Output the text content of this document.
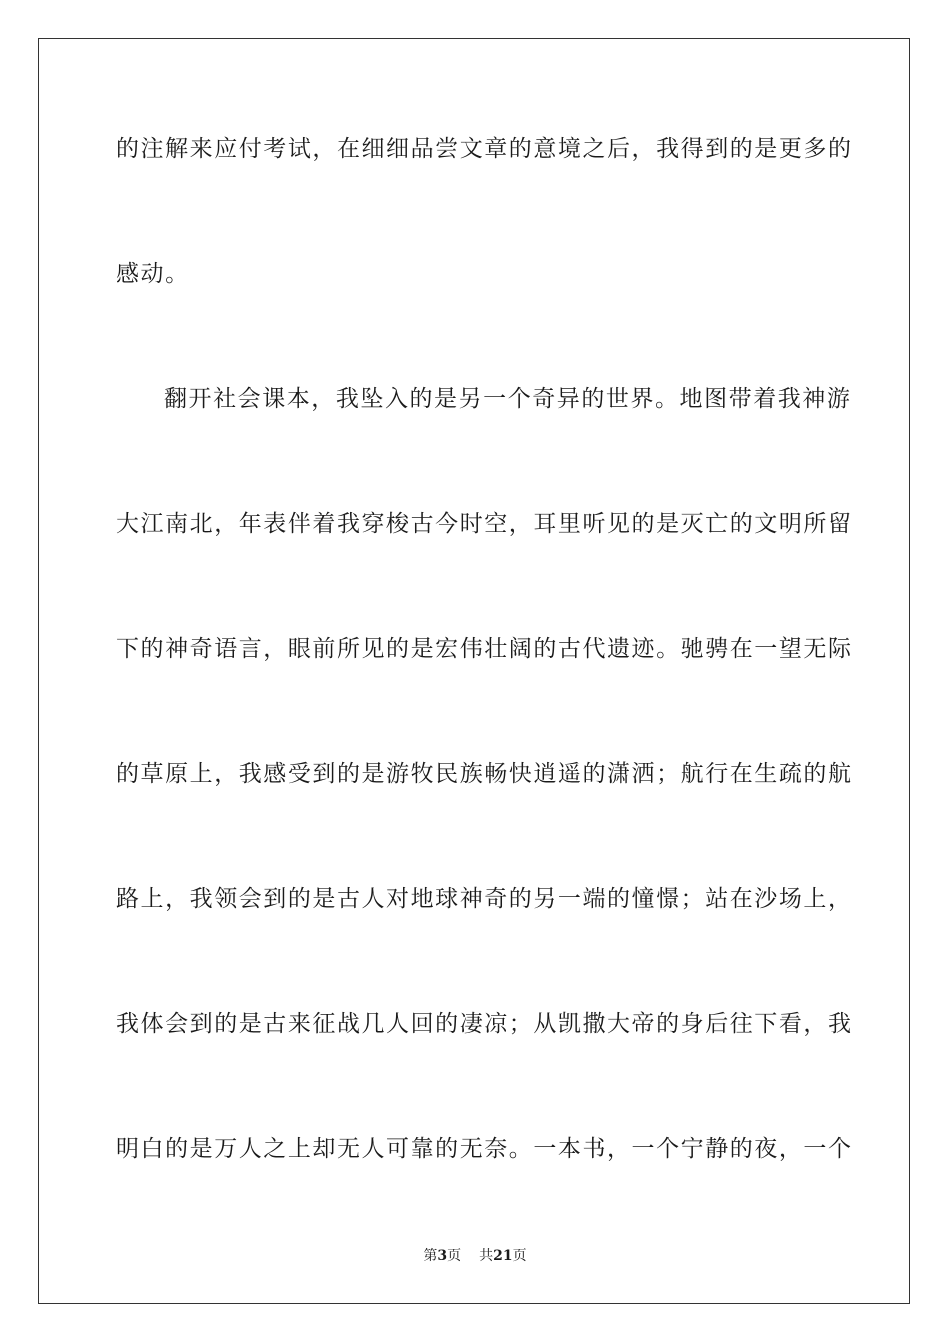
的注解来应付考试，在细细品尝文章的意境之后，我得到的是更多的
感动。
翻开社会课本，我坠入的是另一个奇异的世界。地图带着我神游
大江南北，年表伴着我穿梭古今时空，耳里听见的是灭亡的文明所留
下的神奇语言，眼前所见的是宏伟壮阔的古代遗迹。驰骋在一望无际
的草原上，我感受到的是游牧民族畅快逍遥的潇洒；航行在生疏的航
路上，我领会到的是古人对地球神奇的另一端的憧憬；站在沙场上，
我体会到的是古来征战几人回的凄凉；从凯撒大帝的身后往下看，我
明白的是万人之上却无人可靠的无奈。一本书，一个宁静的夜，一个
第3页 共21页
